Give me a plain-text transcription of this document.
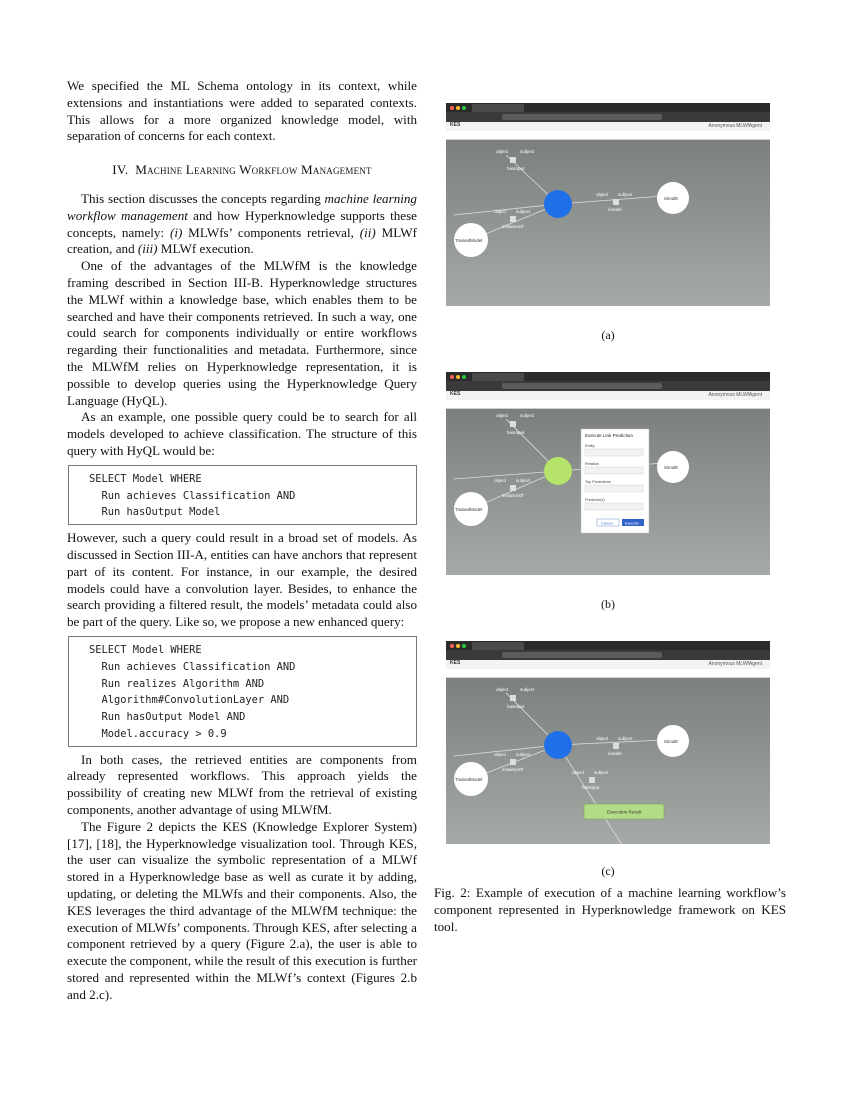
We specified the ML Schema ontology in its context, while extensions and instantiations were added to separated contexts. This allows for a more organized knowledge model, with separation of concerns for each context.

IV. Machine Learning Workflow Management

This section discusses the concepts regarding machine learning workflow management and how Hyperknowledge supports these concepts, namely: (i) MLWfs’ components retrieval, (ii) MLWf creation, and (iii) MLWf execution.

One of the advantages of the MLWfM is the knowledge framing described in Section III-B. Hyperknowledge structures the MLWf within a knowledge base, which enables them to be searched and have their components retrieved. In such a way, one could search for components individually or entire workflows regarding their functionalities and metadata. Furthermore, since the MLWfM relies on Hyperknowledge representation, it is possible to develop queries using the Hyperknowledge Query Language (HyQL).

As an example, one possible query could be to search for all models developed to achieve classification. The structure of this query with HyQL would be:

SELECT Model WHERE
Run achieves Classification AND
Run hasOutput Model

However, such a query could result in a broad set of models. As discussed in Section III-A, entities can have anchors that represent part of its content. For instance, in our example, the desired models could have a convolution layer. Besides, to enhance the search providing a filtered result, the models’ metadata could also be part of the query. Like so, we propose a new enhanced query:

SELECT Model WHERE
Run achieves Classification AND
Run realizes Algorithm AND
Algorithm#ConvolutionLayer AND
Run hasOutput Model AND
Model.accuracy > 0.9

In both cases, the retrieved entities are components from already represented workflows. This approach yields the possibility of creating new MLWf from the retrieval of existing components, another advantage of using MLWfM.

The Figure 2 depicts the KES (Knowledge Explorer System) [17], [18], the Hyperknowledge visualization tool. Through KES, the user can visualize the symbolic representation of a MLWf stored in a Hyperknowledge base as well as curate it by adding, updating, or deleting the MLWfs and their components. Also, the KES leverages the third advantage of the MLWfM technique: the execution of MLWfs’ components. Through KES, after selecting a component retrieved by a query (Figure 2.a), the user is able to execute the component, while the result of this execution is further stored and represented within the MLWf’s context (Figures 2.b and 2.c).

KES	Anonymous MLWfAgent
object	subject
hasInput
object subject
instanceOf
object subject
inorder
TrainedModel
SimulE
(a)
KES	Anonymous MLWfAgent
object	subject
hasInput
object subject
instanceOf
TrainedModel
SimulE
Execute Link Prediction
Entity
Relation
Top Predictions
Predictor(s)
Cancel	Execute
(b)
KES	Anonymous MLWfAgent
object	subject
hasInput
object subject
instanceOf
object subject
inorder
object subject
hasInput
TrainedModel
SimulE
Execution Result
(c)
Fig. 2: Example of execution of a machine learning workflow’s component represented in Hyperknowledge framework on KES tool.
